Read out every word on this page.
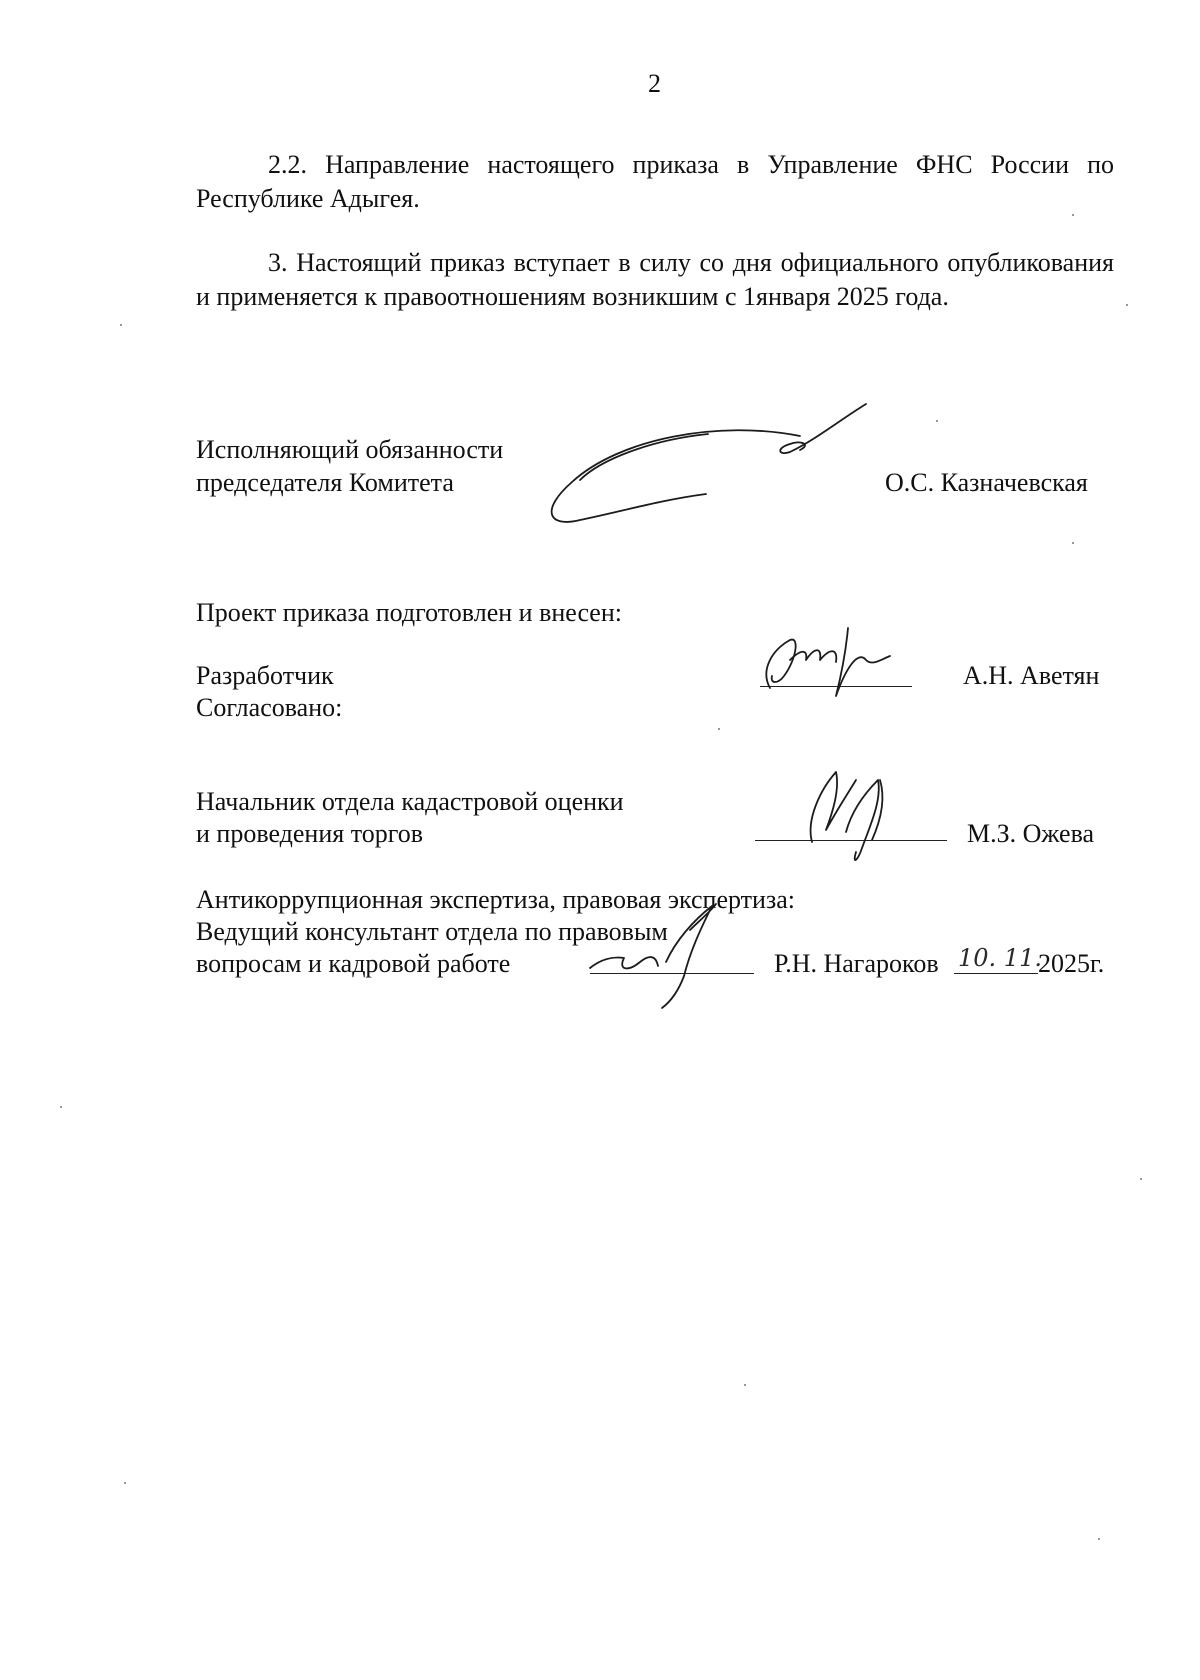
2
2.2. Направление настоящего приказа в Управление ФНС России по Республике Адыгея.
3. Настоящий приказ вступает в силу со дня официального опубликования и применяется к правоотношениям возникшим с 1января 2025 года.
Исполняющий обязанности
председателя Комитета	О.С. Казначевская
Проект приказа подготовлен и внесен:
Разработчик	А.Н. Аветян
Согласовано:
Начальник отдела кадастровой оценки
и проведения торгов	М.З. Ожева
Антикоррупционная экспертиза, правовая экспертиза:
Ведущий консультант отдела по правовым
вопросам и кадровой работе	Р.Н. Нагароков 10. 11.
2025г.
